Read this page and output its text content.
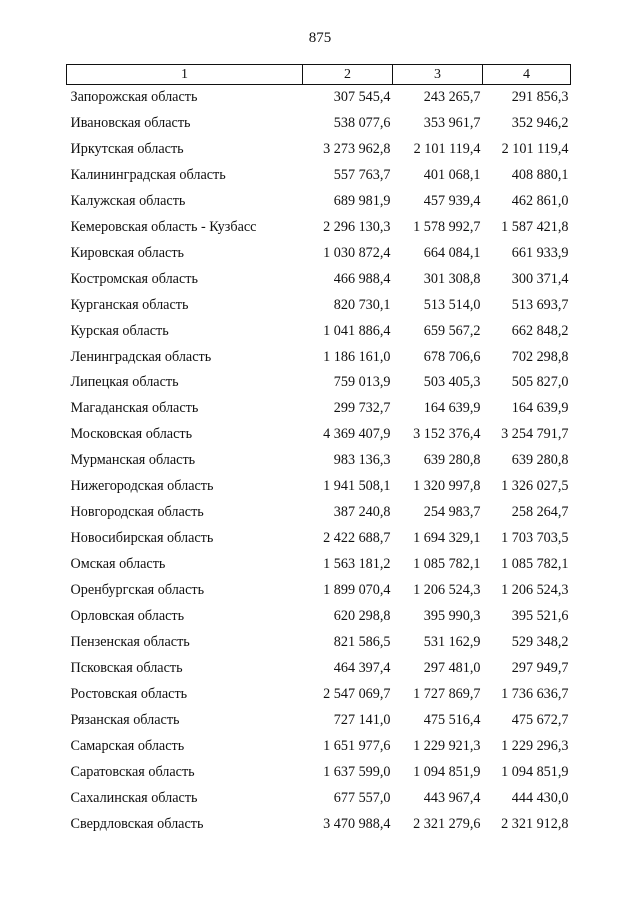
875
1	2	3	4
Запорожская область	307 545,4	243 265,7	291 856,3
Ивановская область	538 077,6	353 961,7	352 946,2
Иркутская область	3 273 962,8	2 101 119,4	2 101 119,4
Калининградская область	557 763,7	401 068,1	408 880,1
Калужская область	689 981,9	457 939,4	462 861,0
Кемеровская область - Кузбасс	2 296 130,3	1 578 992,7	1 587 421,8
Кировская область	1 030 872,4	664 084,1	661 933,9
Костромская область	466 988,4	301 308,8	300 371,4
Курганская область	820 730,1	513 514,0	513 693,7
Курская область	1 041 886,4	659 567,2	662 848,2
Ленинградская область	1 186 161,0	678 706,6	702 298,8
Липецкая область	759 013,9	503 405,3	505 827,0
Магаданская область	299 732,7	164 639,9	164 639,9
Московская область	4 369 407,9	3 152 376,4	3 254 791,7
Мурманская область	983 136,3	639 280,8	639 280,8
Нижегородская область	1 941 508,1	1 320 997,8	1 326 027,5
Новгородская область	387 240,8	254 983,7	258 264,7
Новосибирская область	2 422 688,7	1 694 329,1	1 703 703,5
Омская область	1 563 181,2	1 085 782,1	1 085 782,1
Оренбургская область	1 899 070,4	1 206 524,3	1 206 524,3
Орловская область	620 298,8	395 990,3	395 521,6
Пензенская область	821 586,5	531 162,9	529 348,2
Псковская область	464 397,4	297 481,0	297 949,7
Ростовская область	2 547 069,7	1 727 869,7	1 736 636,7
Рязанская область	727 141,0	475 516,4	475 672,7
Самарская область	1 651 977,6	1 229 921,3	1 229 296,3
Саратовская область	1 637 599,0	1 094 851,9	1 094 851,9
Сахалинская область	677 557,0	443 967,4	444 430,0
Свердловская область	3 470 988,4	2 321 279,6	2 321 912,8
